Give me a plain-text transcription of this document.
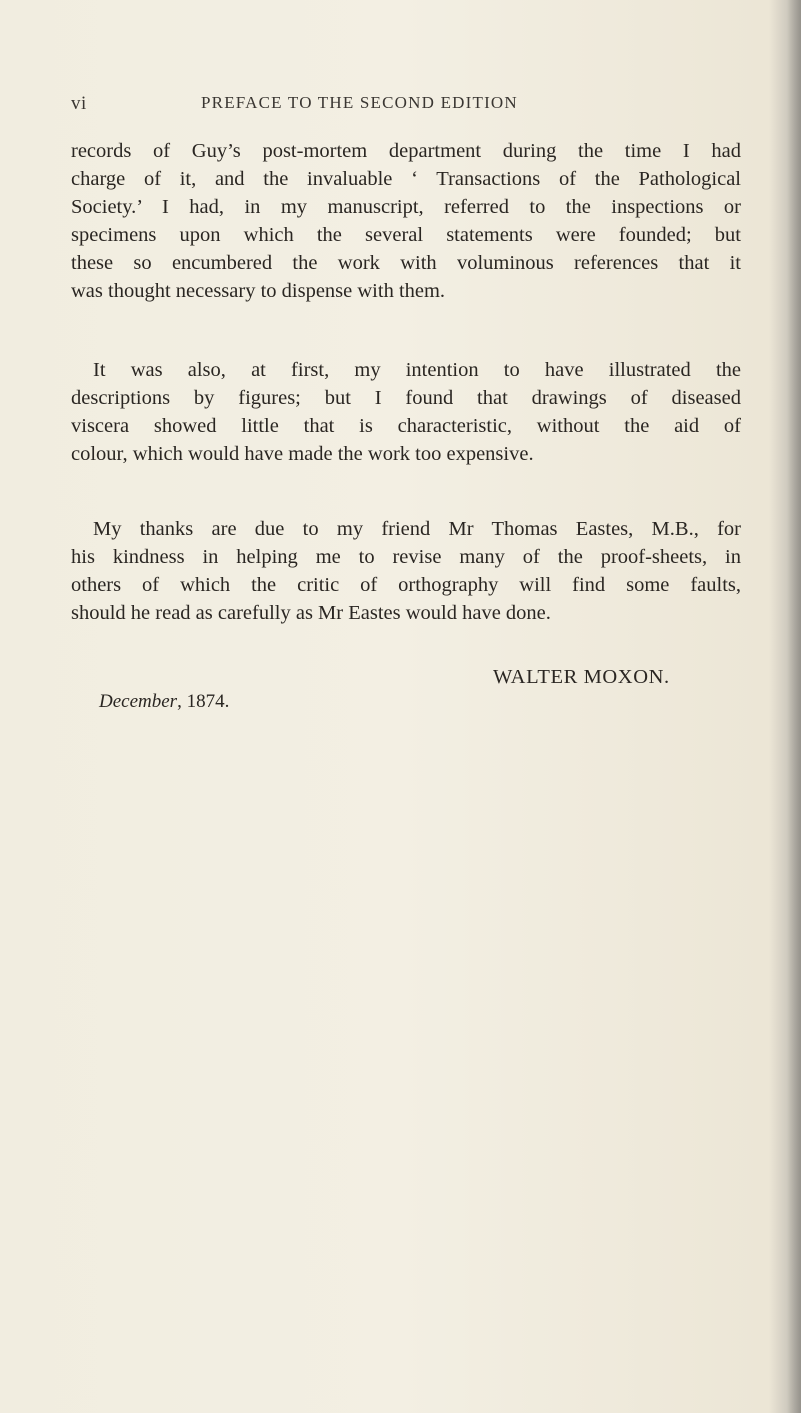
vi	PREFACE TO THE SECOND EDITION
records of Guy’s post-mortem department during the time I had
charge of it, and the invaluable ‘ Transactions of the Pathological
Society.’ I had, in my manuscript, referred to the inspections or
specimens upon which the several statements were founded; but
these so encumbered the work with voluminous references that it
was thought necessary to dispense with them.
It was also, at first, my intention to have illustrated the
descriptions by figures; but I found that drawings of diseased
viscera showed little that is characteristic, without the aid of
colour, which would have made the work too expensive.
My thanks are due to my friend Mr Thomas Eastes, M.B., for
his kindness in helping me to revise many of the proof-sheets, in
others of which the critic of orthography will find some faults,
should he read as carefully as Mr Eastes would have done.
WALTER MOXON.
December, 1874.
